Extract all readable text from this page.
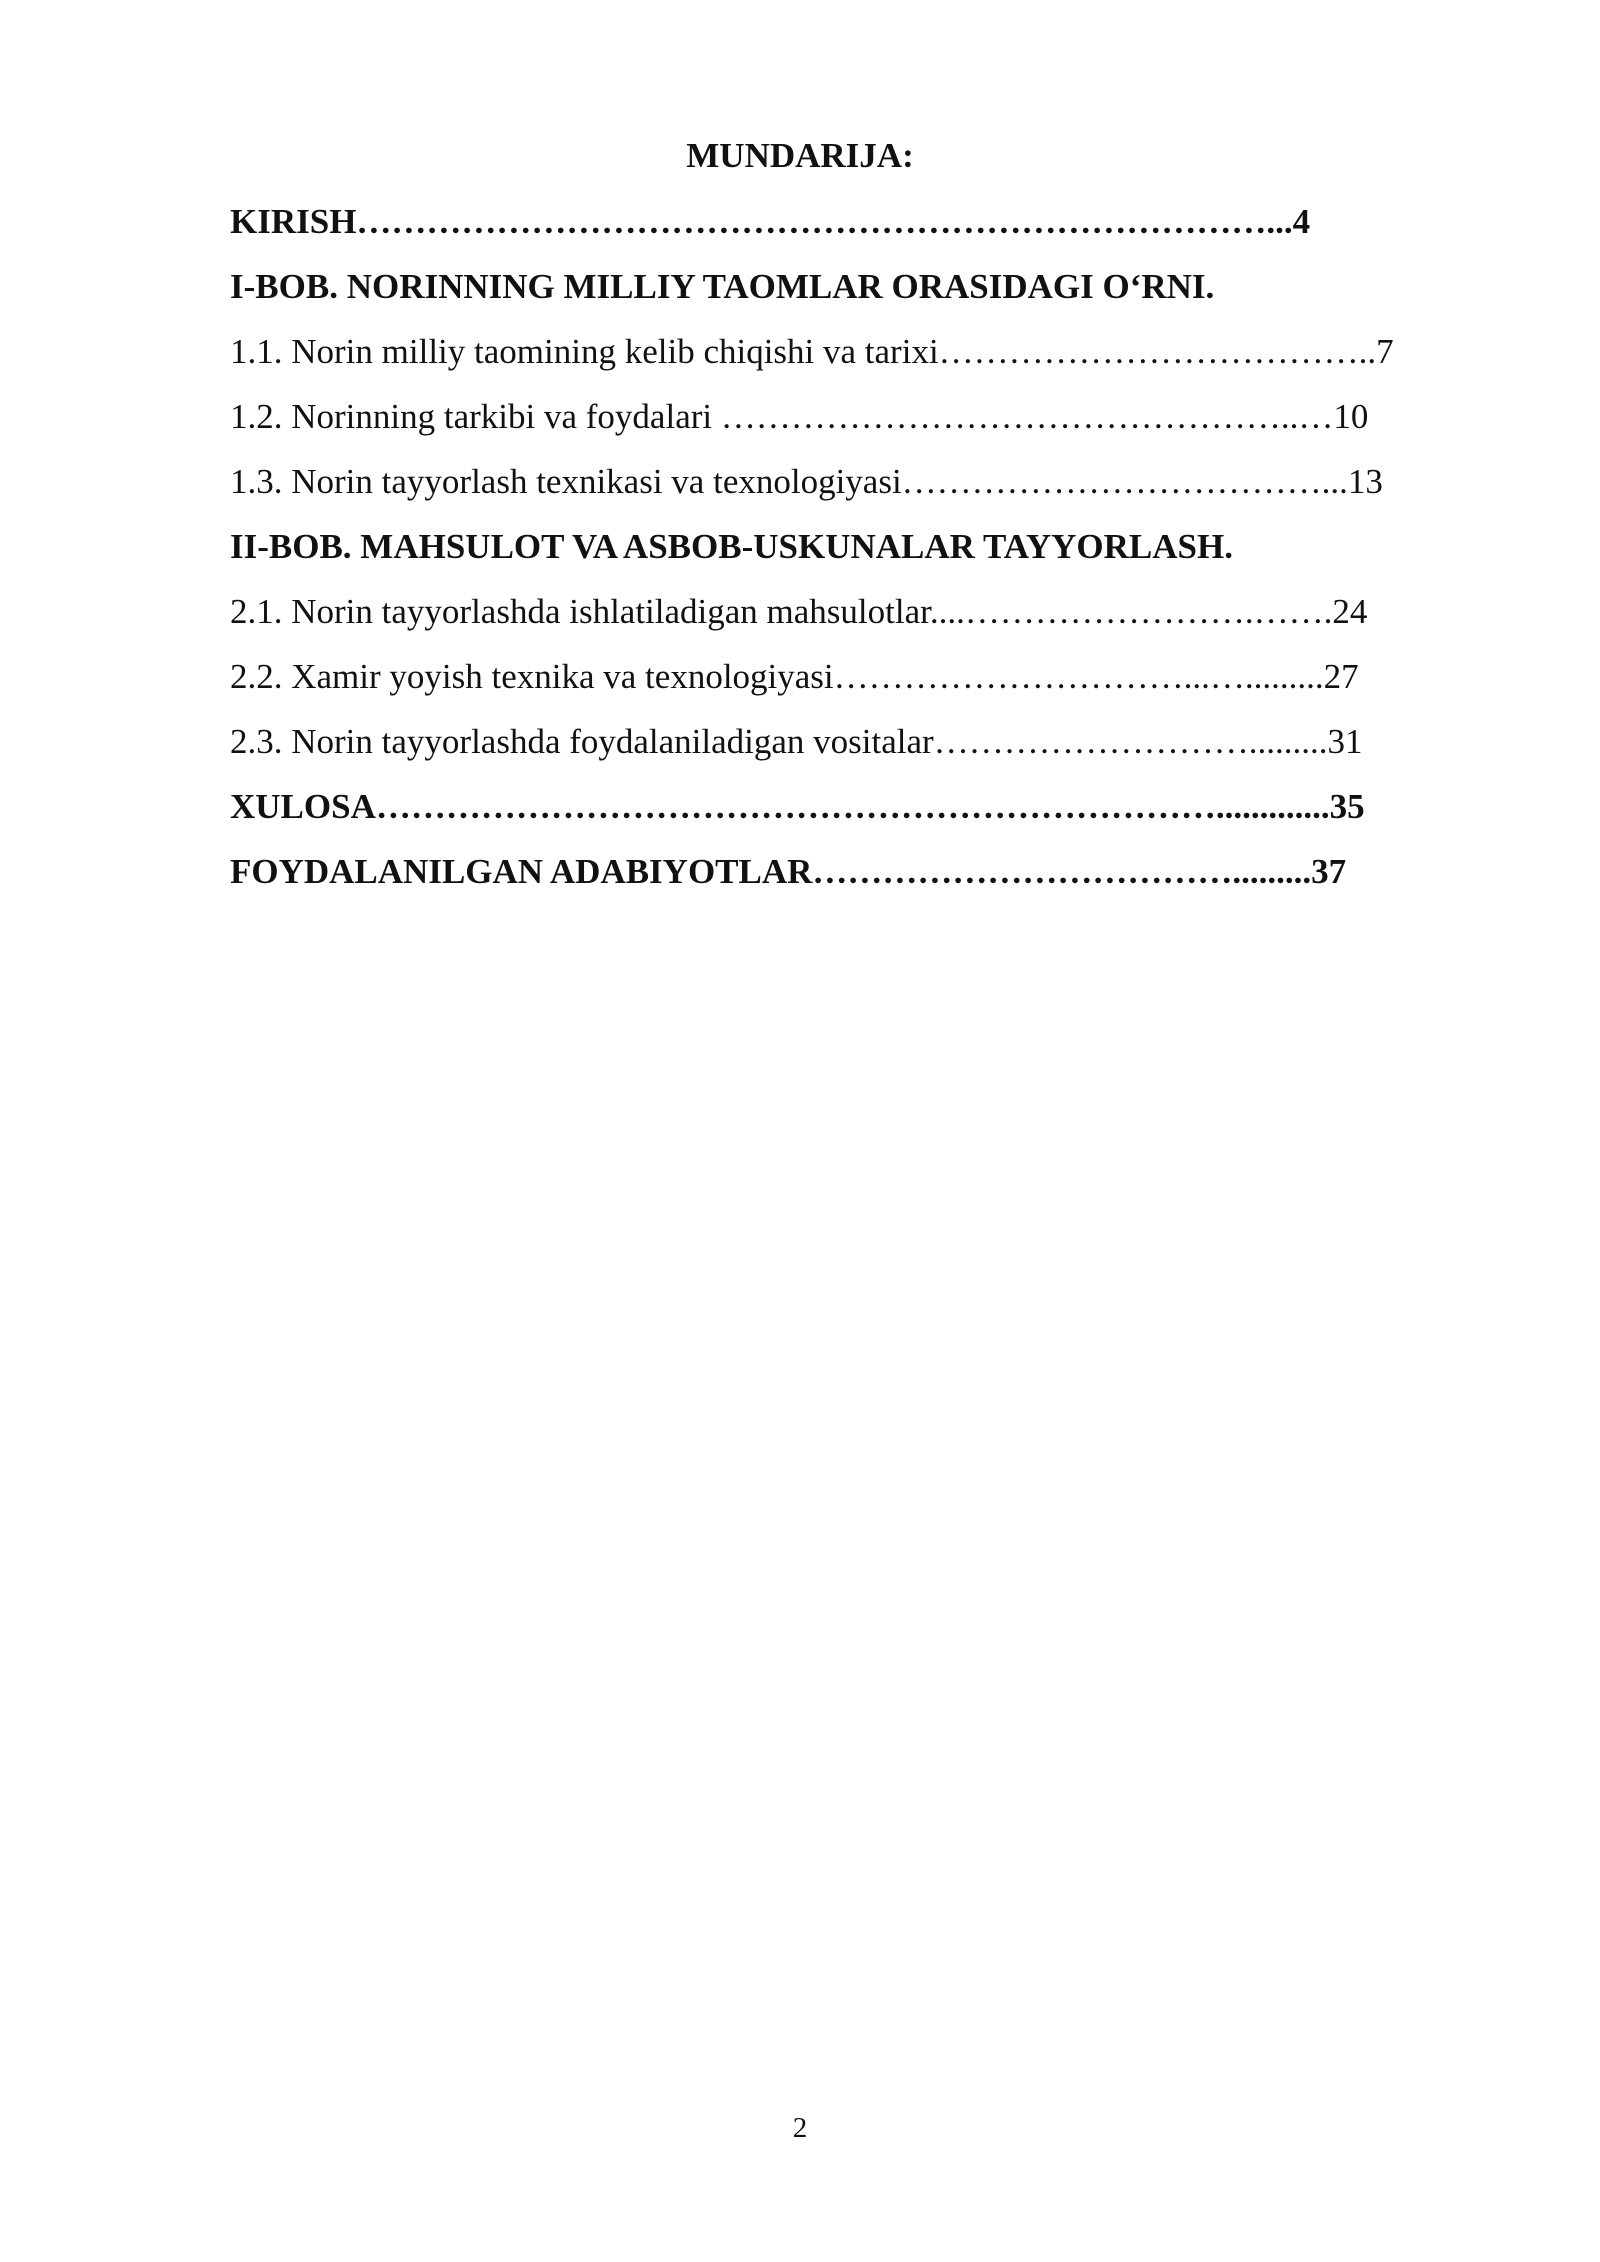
MUNDARIJA:
KIRISH……………………………………………………………………...4
I-BOB. NORINNING MILLIY TAOMLAR ORASIDAGI O‘RNI.
1.1. Norin milliy taomining kelib chiqishi va tarixi………………………………..7
1.2. Norinning tarkibi va foydalari …………………………………………..…10
1.3. Norin tayyorlash texnikasi va texnologiyasi………………………………...13
II-BOB. MAHSULOT VA ASBOB-USKUNALAR TAYYORLASH.
2.1. Norin tayyorlashda ishlatiladigan mahsulotlar....…………………….…….24
2.2. Xamir yoyish texnika va texnologiyasi…………………………...….........27
2.3. Norin tayyorlashda foydalaniladigan vositalar……………………….........31
XULOSA……………………………………………………………….............35
FOYDALANILGAN ADABIYOTLAR……………………………….........37
2
